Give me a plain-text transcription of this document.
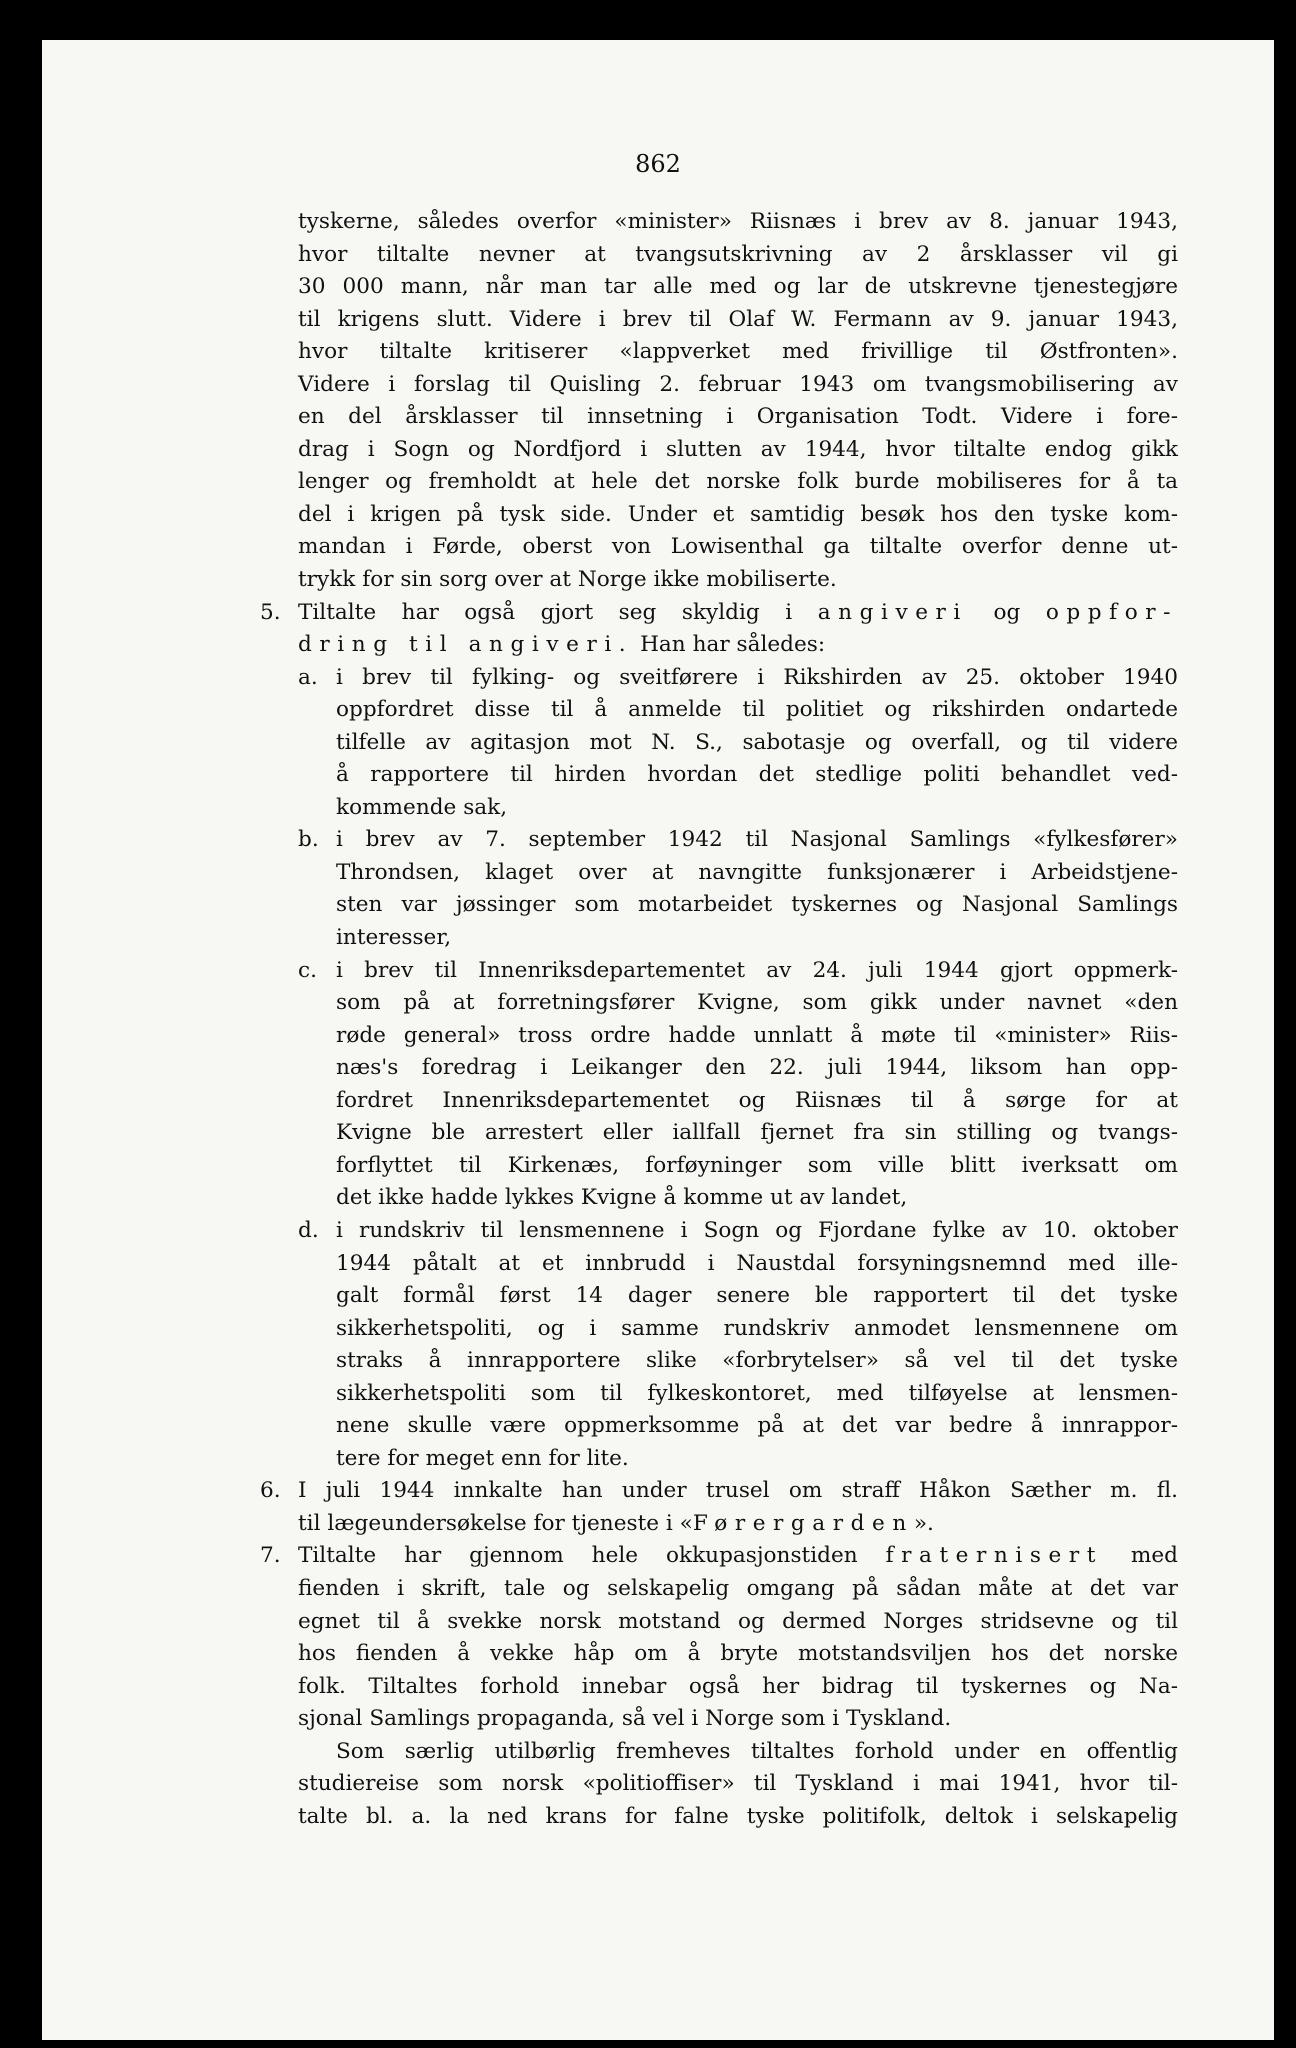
862
tyskerne, således overfor «minister» Riisnæs i brev av 8. januar 1943,
hvor tiltalte nevner at tvangsutskrivning av 2 årsklasser vil gi
30 000 mann, når man tar alle med og lar de utskrevne tjenestegjøre
til krigens slutt. Videre i brev til Olaf W. Fermann av 9. januar 1943,
hvor tiltalte kritiserer «lappverket med frivillige til Østfronten».
Videre i forslag til Quisling 2. februar 1943 om tvangsmobilisering av
en del årsklasser til innsetning i Organisation Todt. Videre i fore-
drag i Sogn og Nordfjord i slutten av 1944, hvor tiltalte endog gikk
lenger og fremholdt at hele det norske folk burde mobiliseres for å ta
del i krigen på tysk side. Under et samtidig besøk hos den tyske kom-
mandan i Førde, oberst von Lowisenthal ga tiltalte overfor denne ut-
trykk for sin sorg over at Norge ikke mobiliserte.
5. Tiltalte har også gjort seg skyldig i angiveri og oppfor-
dring til angiveri. Han har således:
a. i brev til fylking- og sveitførere i Rikshirden av 25. oktober 1940
oppfordret disse til å anmelde til politiet og rikshirden ondartede
tilfelle av agitasjon mot N. S., sabotasje og overfall, og til videre
å rapportere til hirden hvordan det stedlige politi behandlet ved-
kommende sak,
b. i brev av 7. september 1942 til Nasjonal Samlings «fylkesfører»
Throndsen, klaget over at navngitte funksjonærer i Arbeidstjene-
sten var jøssinger som motarbeidet tyskernes og Nasjonal Samlings
interesser,
c. i brev til Innenriksdepartementet av 24. juli 1944 gjort oppmerk-
som på at forretningsfører Kvigne, som gikk under navnet «den
røde general» tross ordre hadde unnlatt å møte til «minister» Riis-
næs's foredrag i Leikanger den 22. juli 1944, liksom han opp-
fordret Innenriksdepartementet og Riisnæs til å sørge for at
Kvigne ble arrestert eller iallfall fjernet fra sin stilling og tvangs-
forflyttet til Kirkenæs, forføyninger som ville blitt iverksatt om
det ikke hadde lykkes Kvigne å komme ut av landet,
d. i rundskriv til lensmennene i Sogn og Fjordane fylke av 10. oktober
1944 påtalt at et innbrudd i Naustdal forsyningsnemnd med ille-
galt formål først 14 dager senere ble rapportert til det tyske
sikkerhetspoliti, og i samme rundskriv anmodet lensmennene om
straks å innrapportere slike «forbrytelser» så vel til det tyske
sikkerhetspoliti som til fylkeskontoret, med tilføyelse at lensmen-
nene skulle være oppmerksomme på at det var bedre å innrappor-
tere for meget enn for lite.
6. I juli 1944 innkalte han under trusel om straff Håkon Sæther m. fl.
til lægeundersøkelse for tjeneste i «Førergarden».
7. Tiltalte har gjennom hele okkupasjonstiden fraternisert med
fienden i skrift, tale og selskapelig omgang på sådan måte at det var
egnet til å svekke norsk motstand og dermed Norges stridsevne og til
hos fienden å vekke håp om å bryte motstandsviljen hos det norske
folk. Tiltaltes forhold innebar også her bidrag til tyskernes og Na-
sjonal Samlings propaganda, så vel i Norge som i Tyskland.
Som særlig utilbørlig fremheves tiltaltes forhold under en offentlig
studiereise som norsk «politioffiser» til Tyskland i mai 1941, hvor til-
talte bl. a. la ned krans for falne tyske politifolk, deltok i selskapelig
